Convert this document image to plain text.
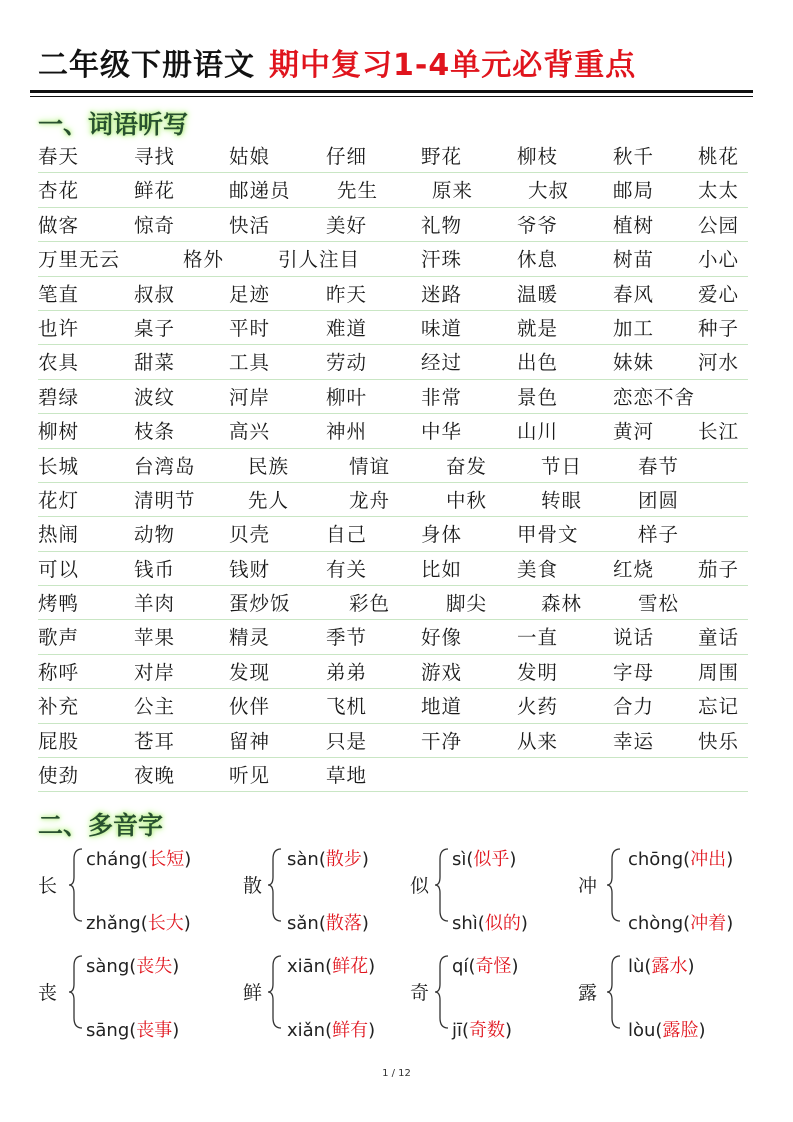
二年级下册语文 期中复习1-4单元必背重点
一、词语听写
春天	寻找	姑娘	仔细	野花	柳枝	秋千 桃花
杏花	鲜花	邮递员 先生	原来	大叔 邮局 太太
做客	惊奇	快活	美好	礼物	爷爷	植树 公园
万里无云	格外	引人注目	汗珠	休息	树苗 小心
笔直	叔叔	足迹	昨天	迷路	温暖	春风 爱心
也许	桌子	平时	难道	味道	就是	加工 种子
农具	甜菜	工具	劳动	经过	出色	妹妹 河水
碧绿	波纹	河岸	柳叶	非常	景色	恋恋不舍
柳树	枝条	高兴	神州	中华	山川	黄河 长江
长城	台湾岛	民族	情谊	奋发	节日	春节
花灯	清明节	先人	龙舟	中秋	转眼	团圆
热闹	动物	贝壳	自己	身体	甲骨文	样子
可以	钱币	钱财	有关	比如	美食	红烧 茄子
烤鸭	羊肉	蛋炒饭	彩色	脚尖	森林	雪松
歌声	苹果	精灵	季节	好像	一直	说话 童话
称呼	对岸	发现	弟弟	游戏	发明	字母 周围
补充	公主	伙伴	飞机	地道	火药	合力 忘记
屁股	苍耳	留神	只是	干净	从来	幸运 快乐
使劲	夜晚	听见	草地
二、多音字
长
cháng(长短)
zhǎng(长大)
散
sàn(散步)
sǎn(散落)
似
sì(似乎)
shì(似的)
冲
chōng(冲出)
chòng(冲着)
丧
sàng(丧失)
sāng(丧事)
鲜
xiān(鲜花)
xiǎn(鲜有)
奇
qí(奇怪)
jī(奇数)
露
lù(露水)
lòu(露脸)
1 / 12
